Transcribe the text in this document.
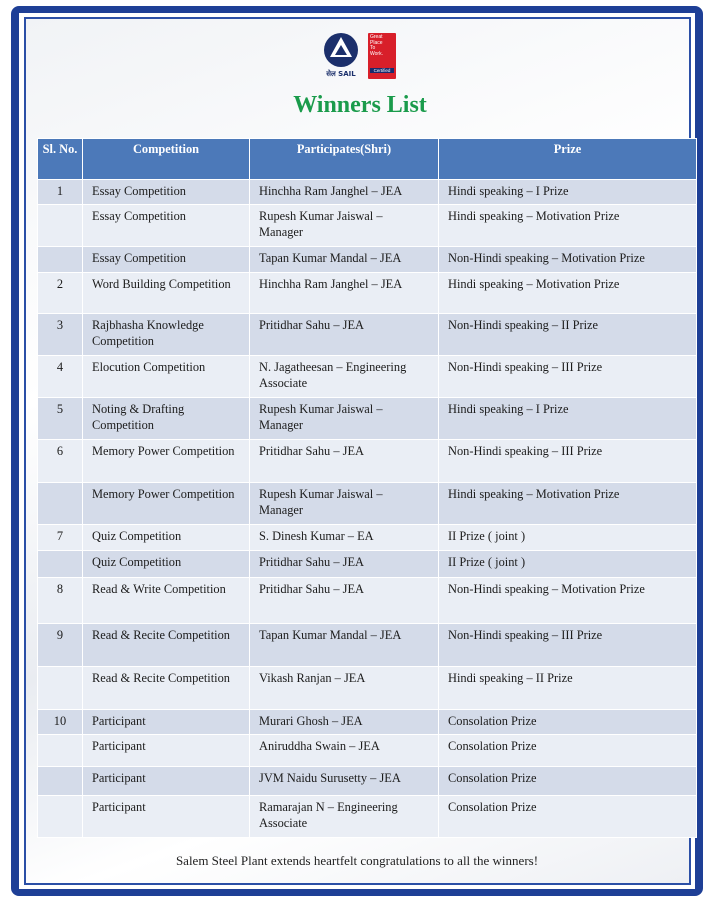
सेल SAIL
Great
Place
To
Work.
Certified
Winners List
Sl. No.	Competition	Participates(Shri)	Prize
1	Essay Competition	Hinchha Ram Janghel – JEA	Hindi speaking – I Prize
	Essay Competition	Rupesh Kumar Jaiswal – Manager	Hindi speaking – Motivation Prize
	Essay Competition	Tapan Kumar Mandal – JEA	Non-Hindi speaking – Motivation Prize
2	Word Building Competition	Hinchha Ram Janghel – JEA	Hindi speaking – Motivation Prize
3	Rajbhasha Knowledge Competition	Pritidhar Sahu – JEA	Non-Hindi speaking – II Prize
4	Elocution Competition	N. Jagatheesan – Engineering Associate	Non-Hindi speaking – III Prize
5	Noting & Drafting Competition	Rupesh Kumar Jaiswal – Manager	Hindi speaking – I Prize
6	Memory Power Competition	Pritidhar Sahu – JEA	Non-Hindi speaking – III Prize
	Memory Power Competition	Rupesh Kumar Jaiswal – Manager	Hindi speaking – Motivation Prize
7	Quiz Competition	S. Dinesh Kumar – EA	II Prize ( joint )
	Quiz Competition	Pritidhar Sahu – JEA	II Prize ( joint )
8	Read & Write Competition	Pritidhar Sahu – JEA	Non-Hindi speaking – Motivation Prize
9	Read & Recite Competition	Tapan Kumar Mandal – JEA	Non-Hindi speaking – III Prize
	Read & Recite Competition	Vikash Ranjan – JEA	Hindi speaking – II Prize
10	Participant	Murari Ghosh – JEA	Consolation Prize
	Participant	Aniruddha Swain – JEA	Consolation Prize
	Participant	JVM Naidu Surusetty – JEA	Consolation Prize
	Participant	Ramarajan N – Engineering Associate	Consolation Prize
Salem Steel Plant extends heartfelt congratulations to all the winners!
